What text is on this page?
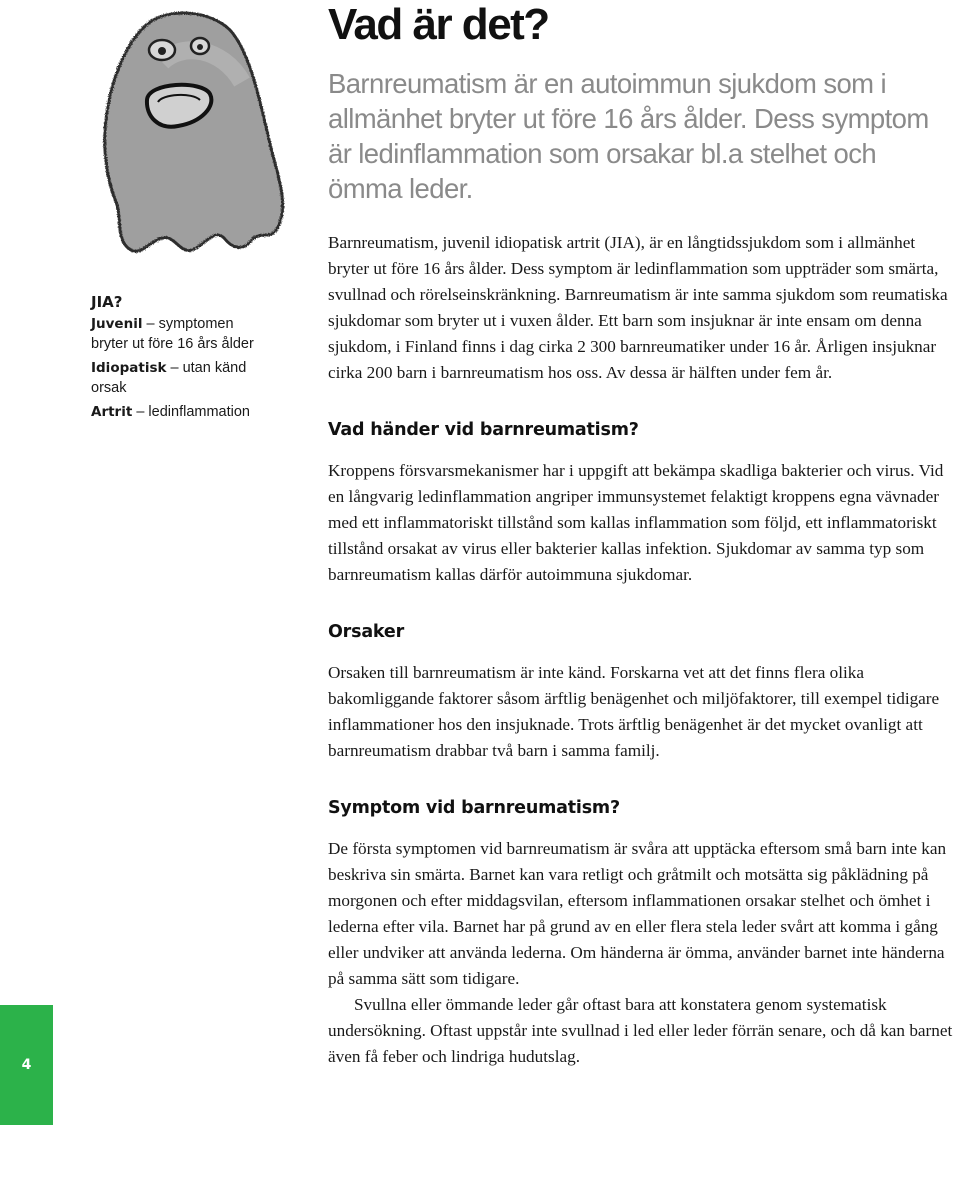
JIA?
Juvenil – symptomen bryter ut före 16 års ålder
Idiopatisk – utan känd orsak
Artrit – ledinflammation
Vad är det?

Barnreumatism är en autoimmun sjukdom som i allmänhet bryter ut före 16 års ålder. Dess symptom är ledinflammation som orsakar bl.a stelhet och ömma leder.

Barnreumatism, juvenil idiopatisk artrit (JIA), är en långtidssjukdom som i allmänhet bryter ut före 16 års ålder. Dess symptom är ledinflammation som uppträder som smärta, svullnad och rörelseinskränkning. Barnreumatism är inte samma sjukdom som reumatiska sjukdomar som bryter ut i vuxen ålder. Ett barn som insjuknar är inte ensam om denna sjukdom, i Finland finns i dag cirka 2 300 barnreumatiker under 16 år. Årligen insjuknar cirka 200 barn i barnreumatism hos oss. Av dessa är hälften under fem år.

Vad händer vid barnreumatism?

Kroppens försvarsmekanismer har i uppgift att bekämpa skadliga bakterier och virus. Vid en långvarig ledinflammation angriper immunsystemet felaktigt kroppens egna vävnader med ett inflammatoriskt tillstånd som kallas inflammation som följd, ett inflammatoriskt tillstånd orsakat av virus eller bakterier kallas infektion. Sjukdomar av samma typ som barnreumatism kallas därför autoimmuna sjukdomar.

Orsaker

Orsaken till barnreumatism är inte känd. Forskarna vet att det finns flera olika bakomliggande faktorer såsom ärftlig benägenhet och miljöfaktorer, till exempel tidigare inflammationer hos den insjuknade. Trots ärftlig benägenhet är det mycket ovanligt att barnreumatism drabbar två barn i samma familj.

Symptom vid barnreumatism?

De första symptomen vid barnreumatism är svåra att upptäcka eftersom små barn inte kan beskriva sin smärta. Barnet kan vara retligt och gråtmilt och motsätta sig påklädning på morgonen och efter middagsvilan, eftersom inflammationen orsakar stelhet och ömhet i lederna efter vila. Barnet har på grund av en eller flera stela leder svårt att komma i gång eller undviker att använda lederna. Om händerna är ömma, använder barnet inte händerna på samma sätt som tidigare.

Svullna eller ömmande leder går oftast bara att konstatera genom systematisk undersökning. Oftast uppstår inte svullnad i led eller leder förrän senare, och då kan barnet även få feber och lindriga hudutslag.

4
